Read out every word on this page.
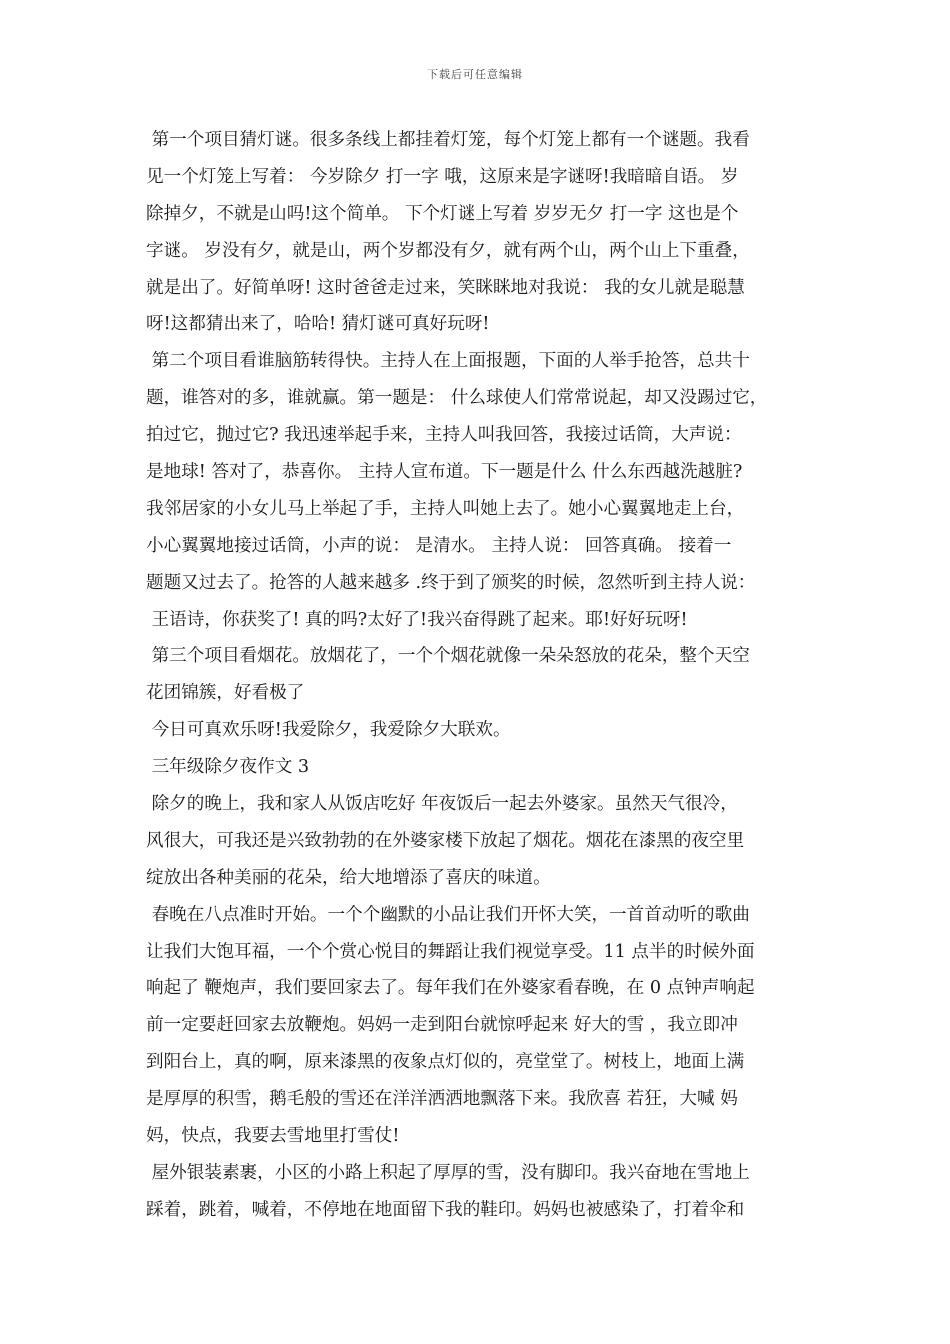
下载后可任意编辑
第一个项目猜灯谜。很多条线上都挂着灯笼，每个灯笼上都有一个谜题。我看
见一个灯笼上写着： 今岁除夕 打一字 哦，这原来是字谜呀!我暗暗自语。 岁
除掉夕，不就是山吗!这个简单。 下个灯谜上写着 岁岁无夕 打一字 这也是个
字谜。 岁没有夕，就是山，两个岁都没有夕，就有两个山，两个山上下重叠，
就是出了。好简单呀! 这时爸爸走过来，笑眯眯地对我说： 我的女儿就是聪慧
呀!这都猜出来了，哈哈! 猜灯谜可真好玩呀!
第二个项目看谁脑筋转得快。主持人在上面报题，下面的人举手抢答，总共十
题，谁答对的多，谁就赢。第一题是： 什么球使人们常常说起，却又没踢过它，
拍过它，抛过它? 我迅速举起手来，主持人叫我回答，我接过话筒，大声说：
是地球! 答对了，恭喜你。 主持人宣布道。下一题是什么 什么东西越洗越脏?
我邻居家的小女儿马上举起了手，主持人叫她上去了。她小心翼翼地走上台，
小心翼翼地接过话筒，小声的说： 是清水。 主持人说： 回答真确。 接着一
题题又过去了。抢答的人越来越多 .终于到了颁奖的时候，忽然听到主持人说：
王语诗，你获奖了! 真的吗?太好了!我兴奋得跳了起来。耶!好好玩呀!
第三个项目看烟花。放烟花了，一个个烟花就像一朵朵怒放的花朵，整个天空
花团锦簇，好看极了
今日可真欢乐呀!我爱除夕，我爱除夕大联欢。
三年级除夕夜作文 3
除夕的晚上，我和家人从饭店吃好 年夜饭后一起去外婆家。虽然天气很冷，
风很大，可我还是兴致勃勃的在外婆家楼下放起了烟花。烟花在漆黑的夜空里
绽放出各种美丽的花朵，给大地增添了喜庆的味道。
春晚在八点准时开始。一个个幽默的小品让我们开怀大笑，一首首动听的歌曲
让我们大饱耳福，一个个赏心悦目的舞蹈让我们视觉享受。11 点半的时候外面
响起了 鞭炮声，我们要回家去了。每年我们在外婆家看春晚，在 0 点钟声响起
前一定要赶回家去放鞭炮。妈妈一走到阳台就惊呼起来 好大的雪 ，我立即冲
到阳台上，真的啊，原来漆黑的夜象点灯似的，亮堂堂了。树枝上，地面上满
是厚厚的积雪，鹅毛般的雪还在洋洋洒洒地飘落下来。我欣喜 若狂，大喊 妈
妈，快点，我要去雪地里打雪仗!
屋外银装素裹，小区的小路上积起了厚厚的雪，没有脚印。我兴奋地在雪地上
踩着，跳着，喊着，不停地在地面留下我的鞋印。妈妈也被感染了，打着伞和
